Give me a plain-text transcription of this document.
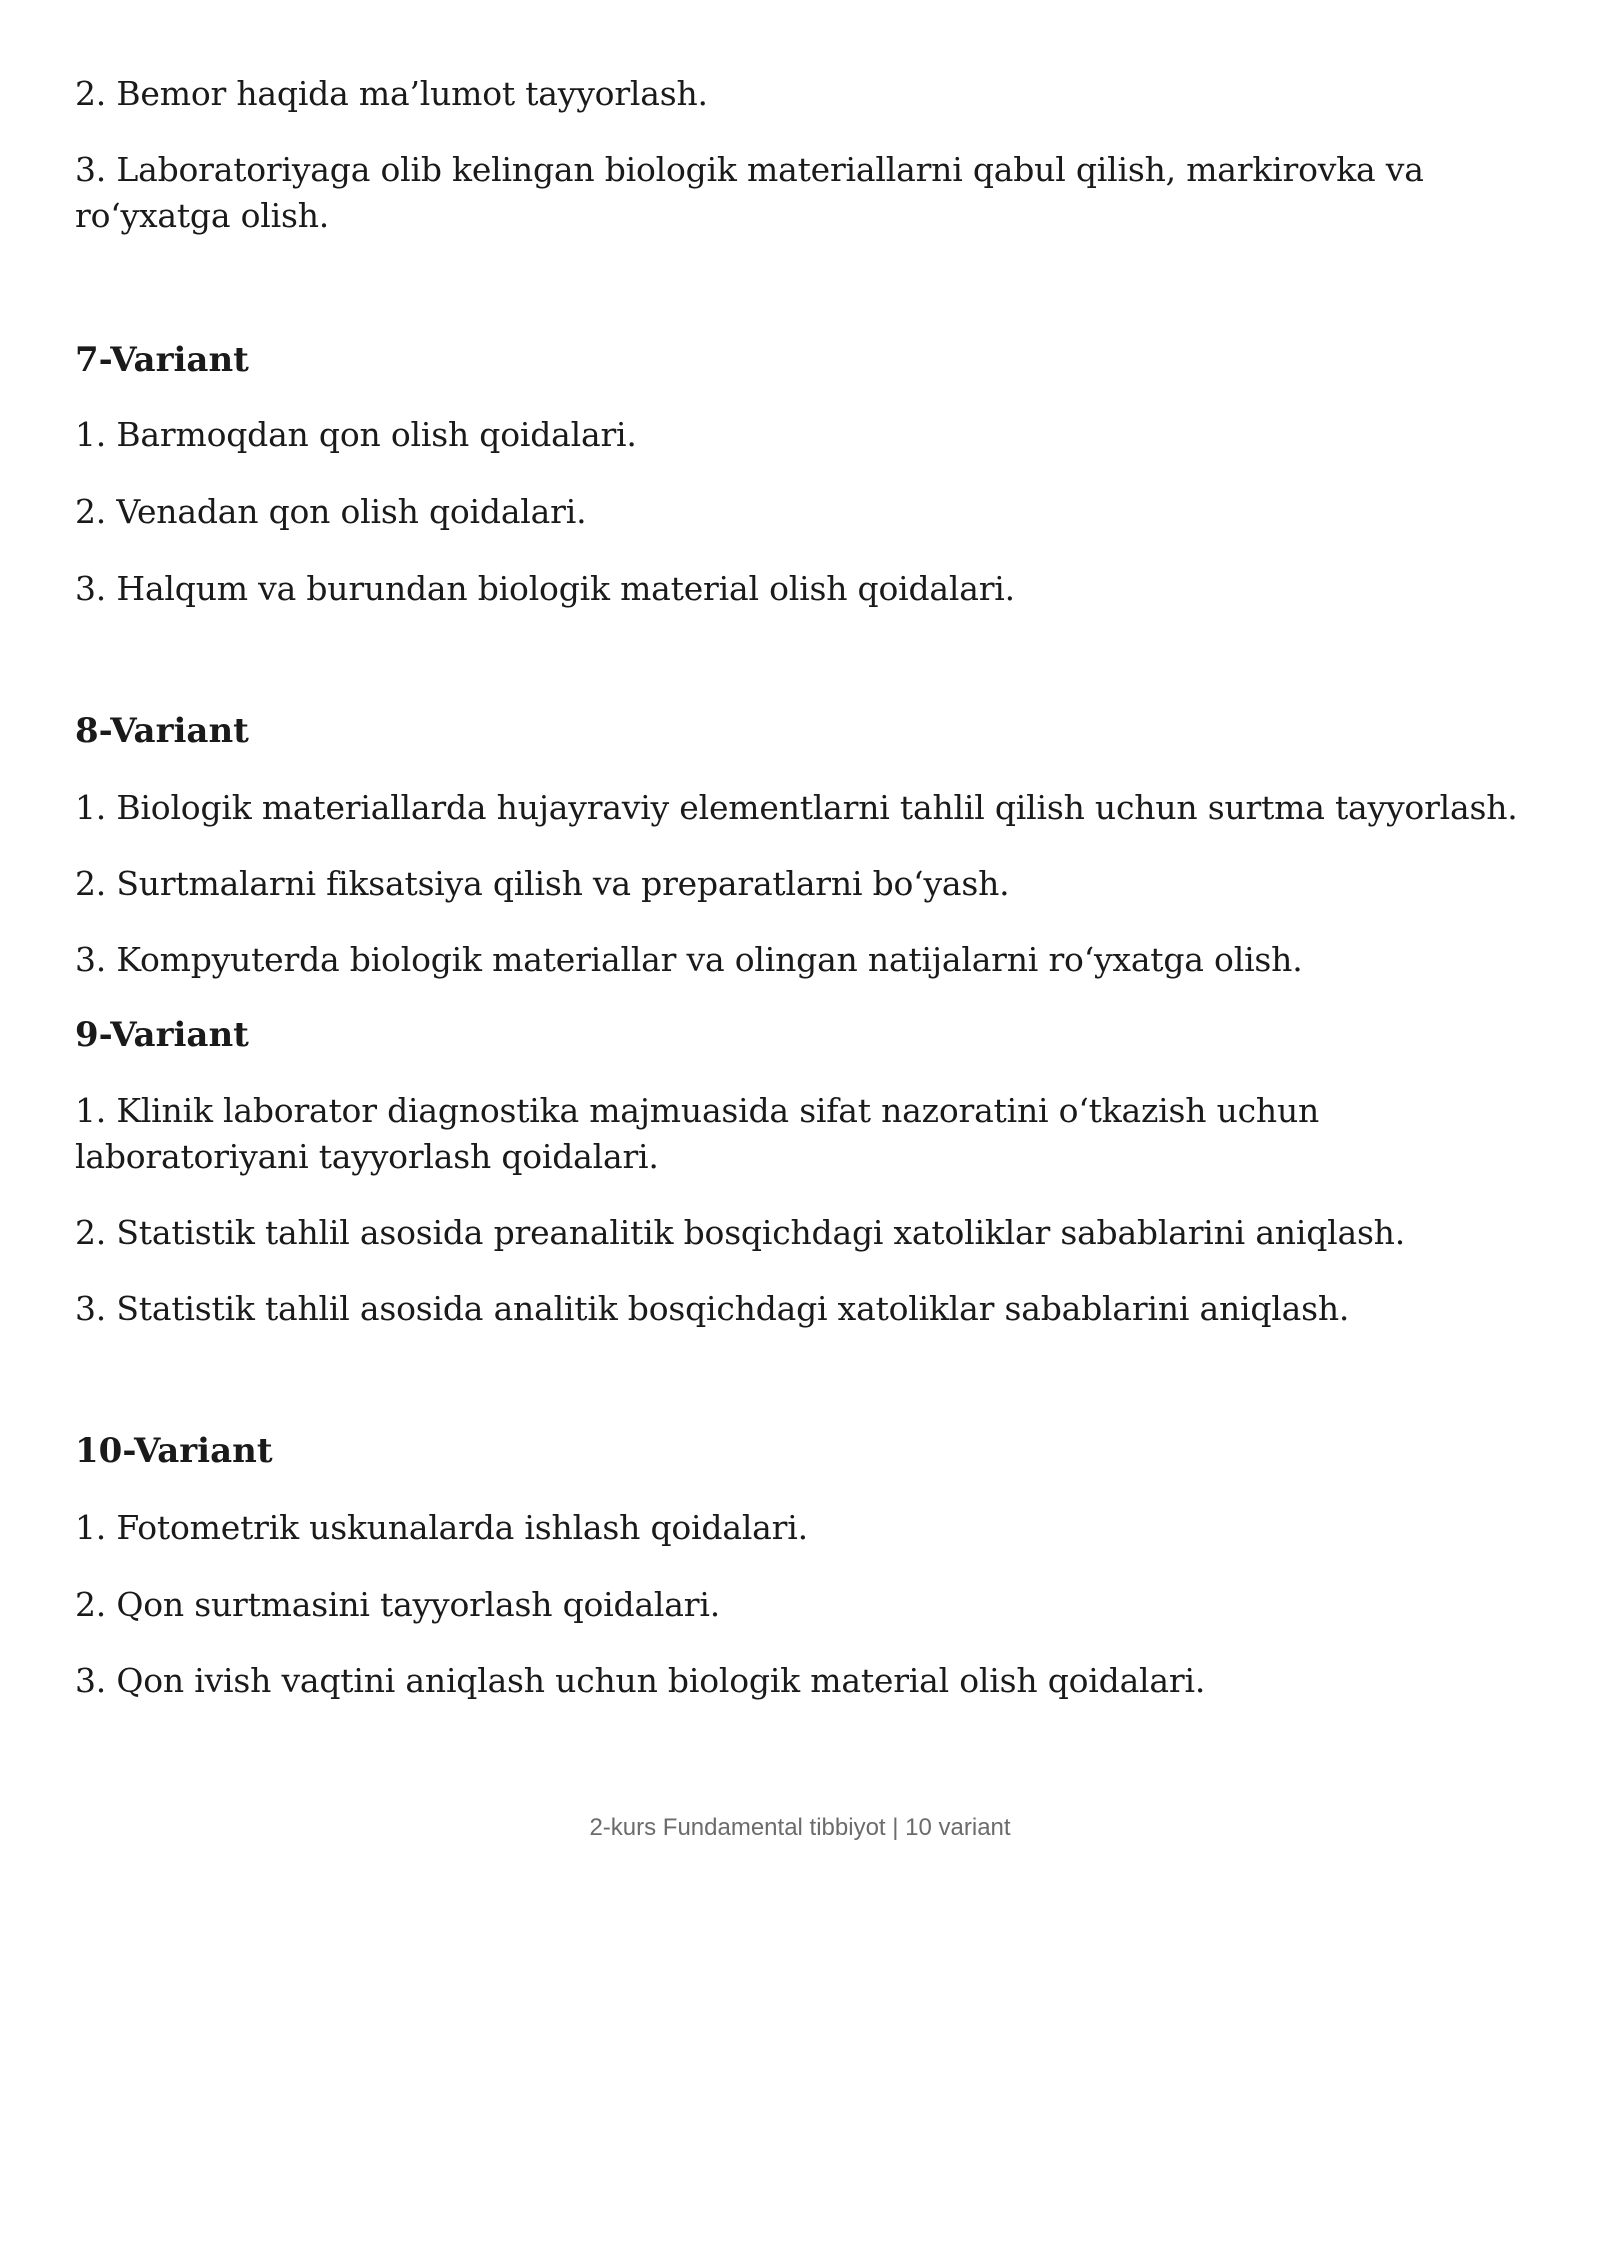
2. Bemor haqida ma’lumot tayyorlash.

3. Laboratoriyaga olib kelingan biologik materiallarni qabul qilish, markirovka va ro‘yxatga olish.

7-Variant

1. Barmoqdan qon olish qoidalari.

2. Venadan qon olish qoidalari.

3. Halqum va burundan biologik material olish qoidalari.

8-Variant

1. Biologik materiallarda hujayraviy elementlarni tahlil qilish uchun surtma tayyorlash.

2. Surtmalarni fiksatsiya qilish va preparatlarni bo‘yash.

3. Kompyuterda biologik materiallar va olingan natijalarni ro‘yxatga olish.

9-Variant

1. Klinik laborator diagnostika majmuasida sifat nazoratini o‘tkazish uchun laboratoriyani tayyorlash qoidalari.

2. Statistik tahlil asosida preanalitik bosqichdagi xatoliklar sabablarini aniqlash.

3. Statistik tahlil asosida analitik bosqichdagi xatoliklar sabablarini aniqlash.

10-Variant

1. Fotometrik uskunalarda ishlash qoidalari.

2. Qon surtmasini tayyorlash qoidalari.

3. Qon ivish vaqtini aniqlash uchun biologik material olish qoidalari.

2-kurs Fundamental tibbiyot | 10 variant
